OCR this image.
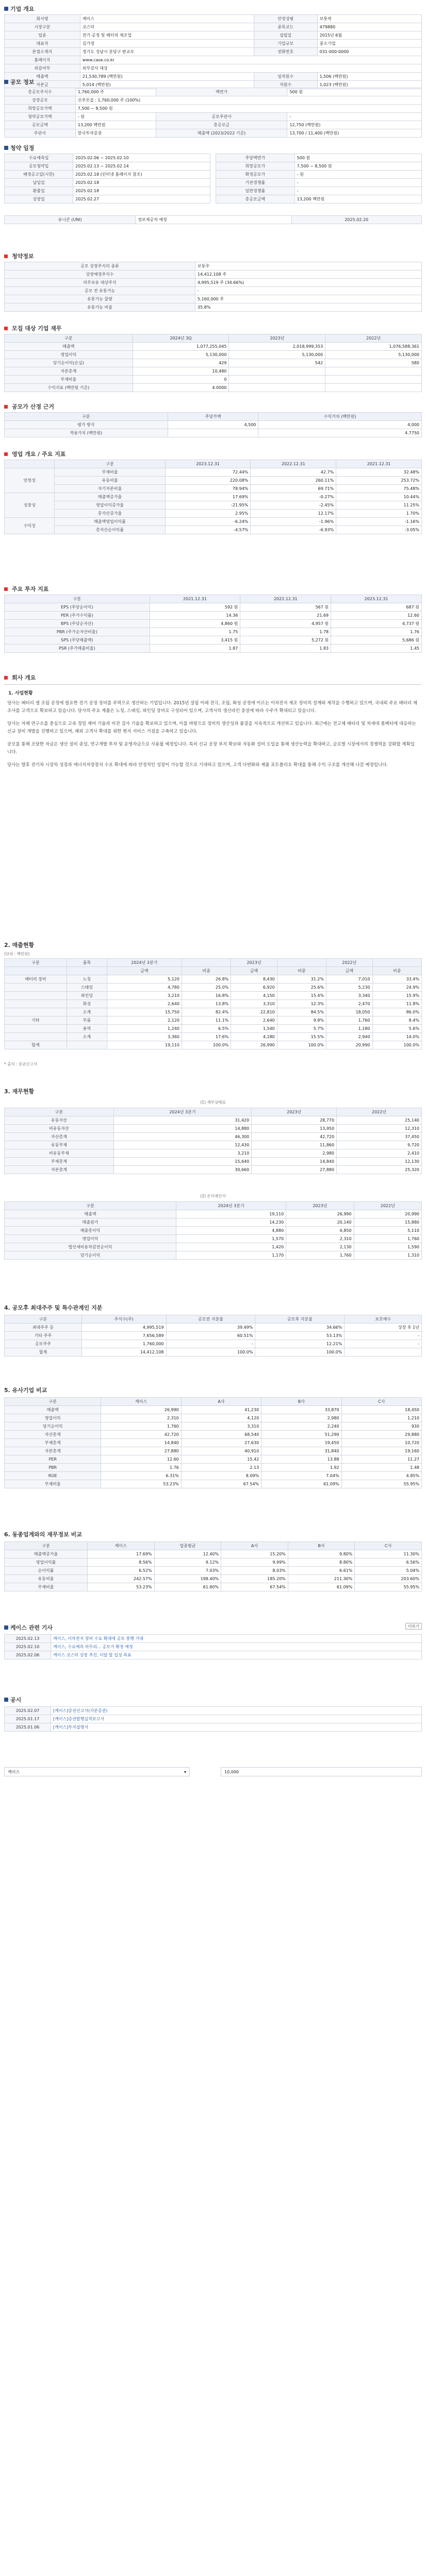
기업 개요
회사명	케이스	안정성평	보통작
시장구분	코스닥	종목코드	479880
업종	전기·공정 및 배터리 제조업	설립일	2015년 6월
대표자	김가정	기업규모	중소기업
본점소재지	경기도 성남시 분당구 판교로	전화번호	031-000-0000
홈페이지	www.case.co.kr		
외감여부	외부감사 대상		
매출액	21,530,789 (백만원)	임직원수	1,506 (백만원)
자본금	5,014 (백만원)	직원수	1,023 (백만원)
공모 정보
총공모주식수	1,760,000 주	액면가	500 원
상장공모	신주모집 : 1,760,000 주 (100%)		
희망공모가액	7,500 ~ 8,500 원		
청약공모가액	- 원	공모주관사	-
공모금액	13,200 백만원	총공모금	12,750 (백만원)
주관사	한국투자증권	매출액 (2023/2022 기준)	13,700 / 11,400 (백만원)
청약 일정
수요예측일	2025.02.06 ~ 2025.02.10
공모청약일	2025.02.13 ~ 2025.02.14
배정공고일(시한)	2025.02.18 (인터넷 홈페이지 참조)
납입일	2025.02.18
환불일	2025.02.18
상장일	2025.02.27
주당액면가	500 원
희망공모가	7,500 ~ 8,500 원
확정공모가	- 원
기관경쟁률	-
일반경쟁률	-
총공모금액	13,200 백만원
유니콘 (UNI)	정보제공처 예정	2025.02.20
청약정보
공모 상장주식의 종류	보통주
상장예정주식수	14,412,108 주
의무보유 대상주식	4,995,519 주 (34.66%)
공모 전 유통가능	-
유통가능 물량	5,160,000 주
유통가능 비율	35.8%
모집 대상 기업 재무
구분	2024년 3Q	2023년	2022년
매출액	1,077,255,045	2,018,999,353	1,076,588,361
영업이익	5,130,000	5,130,000	5,130,000
당기순이익(손실)	429	542	580
자본총계	10,480		
부채비율	0		
수익지표 (백만원 기준)	4.0000		
공모가 산정 근거
구분	주당가액	수익가치 (백만원)
평가 방식	4,500	4,000
적용가치 (백만원)		4.7750
영업 개요 / 주요 지표
	구분	2023.12.31	2022.12.31	2021.12.31
안정성	부채비율	72.44%	42.7%	32.48%
	유동비율	220.08%	260.11%	253.72%
	자기자본비율	78.94%	69.71%	75.48%
성장성	매출액증가율	17.69%	-0.27%	10.44%
	영업이익증가율	-21.95%	-2.45%	11.25%
	총자산증가율	2.95%	12.17%	1.70%
수익성	매출액영업이익률	-6.24%	-1.96%	-1.16%
	총자산순이익률	-4.57%	-6.93%	-3.05%
주요 투자 지표
구분	2021.12.31	2022.12.31	2023.12.31
EPS (주당순이익)	592 원	567 원	687 원
PER (주가수익률)	14.36	21.69	12.60
BPS (주당순자산)	4,860 원	4,957 원	4,737 원
PBR (주가순자산비율)	1.75	1.78	1.76
SPS (주당매출액)	3,415 원	5,272 원	5,686 원
PSR (주가매출비율)	1.87	1.83	1.45
회사 개요
1. 사업현황
당사는 배터리 셀 조립 공정에 필요한 전기 공정 장비를 주력으로 생산하는 기업입니다. 2015년 설립 이래 전극, 조립, 화성 공정에 이르는 이차전지 제조 장비의 설계와 제작을 수행하고 있으며, 국내외 주요 배터리 제조사를 고객으로 확보하고 있습니다. 당사의 주요 제품은 노칭, 스태킹, 와인딩 장비로 구성되어 있으며, 고객사의 생산라인 증설에 따라 수주가 확대되고 있습니다.
당사는 자체 연구소를 중심으로 고속 정밀 제어 기술과 비전 검사 기술을 확보하고 있으며, 이를 바탕으로 장비의 생산성과 품질을 지속적으로 개선하고 있습니다. 최근에는 전고체 배터리 및 차세대 폼팩터에 대응하는 신규 장비 개발을 진행하고 있으며, 해외 고객사 확대를 위한 현지 서비스 거점을 구축하고 있습니다.
공모를 통해 조달한 자금은 생산 설비 증설, 연구개발 투자 및 운영자금으로 사용될 예정입니다. 특히 신규 공장 부지 확보와 자동화 설비 도입을 통해 생산능력을 확대하고, 글로벌 시장에서의 경쟁력을 강화할 계획입니다.
당사는 향후 전기차 시장의 성장과 에너지저장장치 수요 확대에 따라 안정적인 성장이 가능할 것으로 기대하고 있으며, 고객 다변화와 제품 포트폴리오 확대를 통해 수익 구조를 개선해 나갈 예정입니다.
2. 매출현황
(단위 : 백만원)
구분	품목	2024년 3분기		2023년		2022년	
		금액	비중	금액	비중	금액	비중
배터리 장비	노칭	5,120	26.8%	8,430	31.2%	7,010	33.4%
	스태킹	4,780	25.0%	6,920	25.6%	5,230	24.9%
	와인딩	3,210	16.8%	4,150	15.4%	3,340	15.9%
	화성	2,640	13.8%	3,310	12.3%	2,470	11.8%
	소계	15,750	82.4%	22,810	84.5%	18,050	86.0%
기타	부품	2,120	11.1%	2,640	9.8%	1,760	8.4%
	용역	1,240	6.5%	1,540	5.7%	1,180	5.6%
	소계	3,360	17.6%	4,180	15.5%	2,940	14.0%
합계		19,110	100.0%	26,990	100.0%	20,990	100.0%
* 출처 : 증권신고서
3. 재무현황
(1) 재무상태표
구분	2024년 3분기	2023년	2022년
유동자산	31,420	28,770	25,140
비유동자산	14,880	13,950	12,310
자산총계	46,300	42,720	37,450
유동부채	12,430	11,860	9,720
비유동부채	3,210	2,980	2,410
부채총계	15,640	14,840	12,130
자본총계	30,660	27,880	25,320
(2) 손익계산서
구분	2024년 3분기	2023년	2022년
매출액	19,110	26,990	20,990
매출원가	14,230	20,140	15,880
매출총이익	4,880	6,850	5,110
영업이익	1,570	2,310	1,760
법인세비용차감전순이익	1,420	2,130	1,590
당기순이익	1,170	1,760	1,310
4. 공모후 최대주주 및 특수관계인 지분
구분	주식수(주)	공모전 지분율	공모후 지분율	보호예수
최대주주 등	4,995,519	39.49%	34.66%	상장 후 1년
기타 주주	7,656,589	60.51%	53.13%	-
공모주주	1,760,000	-	12.21%	-
합계	14,412,108	100.0%	100.0%	
5. 유사기업 비교
구분	케이스	A사	B사	C사
매출액	26,990	41,230	33,870	18,450
영업이익	2,310	4,120	2,980	1,210
당기순이익	1,760	3,310	2,240	930
자산총계	42,720	68,540	51,290	29,880
부채총계	14,840	27,630	19,450	10,720
자본총계	27,880	40,910	31,840	19,160
PER	12.60	15.42	13.88	11.27
PBR	1.76	2.13	1.92	1.48
ROE	6.31%	8.09%	7.04%	4.85%
부채비율	53.23%	67.54%	61.09%	55.95%
6. 동종업계와의 재무정보 비교
구분	케이스	업종평균	A사	B사	C사
매출액증가율	17.69%	12.40%	15.20%	9.80%	11.30%
영업이익률	8.56%	9.12%	9.99%	8.80%	6.56%
순이익률	6.52%	7.03%	8.03%	6.61%	5.04%
유동비율	242.57%	198.40%	185.20%	211.30%	203.60%
부채비율	53.23%	61.80%	67.54%	61.09%	55.95%
케이스 관련 기사	더보기
2025.02.13	케이스, 이차전지 장비 수요 확대에 공모 흥행 기대
2025.02.10	케이스, 수요예측 마무리… 공모가 확정 예정
2025.02.06	케이스 코스닥 상장 추진, 이달 말 입성 목표
공시
2025.02.07	[케이스]증권신고서(지분증권)
2025.01.17	[케이스]증권발행실적보고서
2025.01.06	[케이스]투자설명서
케이스	▾	10,000
